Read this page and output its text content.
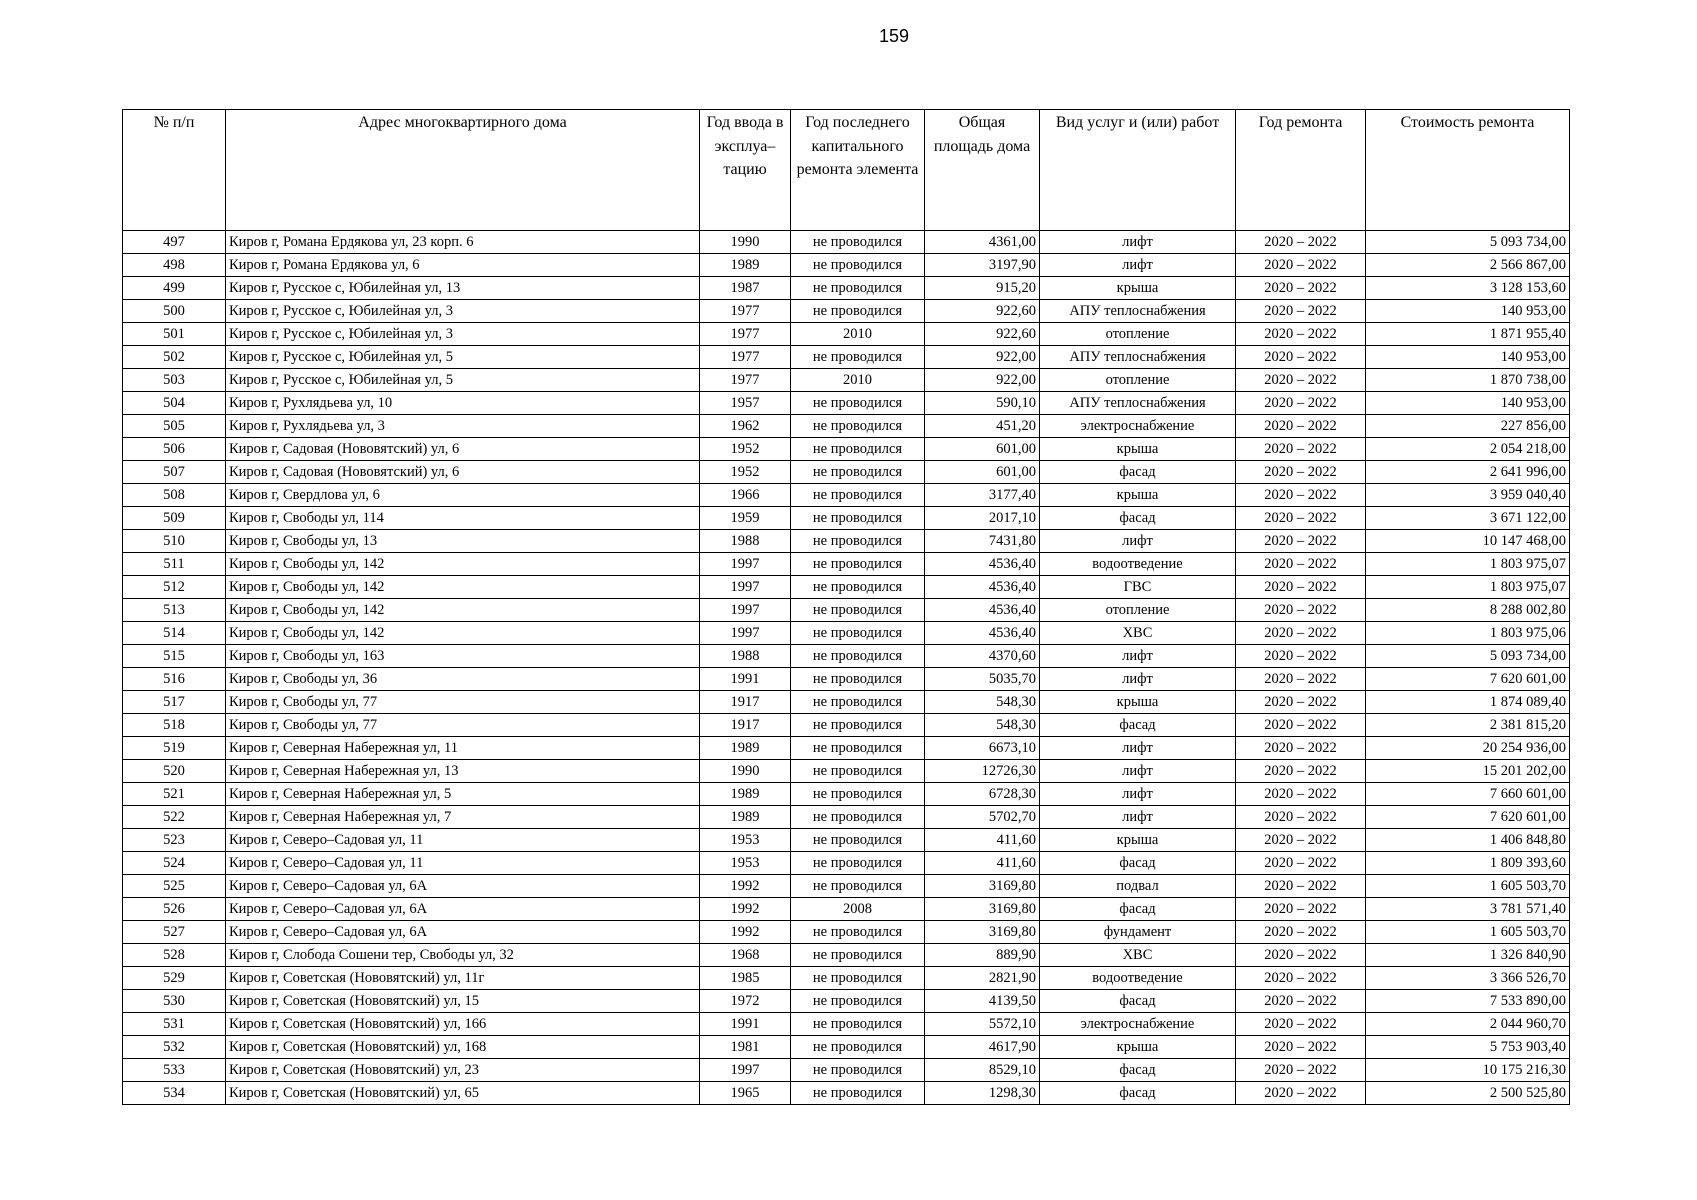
159
№ п/п	Адрес многоквартирного дома	Год ввода в эксплуа– тацию	Год последнего капитального ремонта элемента	Общая площадь дома	Вид услуг и (или) работ	Год ремонта	Стоимость ремонта
497	Киров г, Романа Ердякова ул, 23 корп. 6	1990	не проводился	4361,00	лифт	2020 – 2022	5 093 734,00
498	Киров г, Романа Ердякова ул, 6	1989	не проводился	3197,90	лифт	2020 – 2022	2 566 867,00
499	Киров г, Русское с, Юбилейная ул, 13	1987	не проводился	915,20	крыша	2020 – 2022	3 128 153,60
500	Киров г, Русское с, Юбилейная ул, 3	1977	не проводился	922,60	АПУ теплоснабжения	2020 – 2022	140 953,00
501	Киров г, Русское с, Юбилейная ул, 3	1977	2010	922,60	отопление	2020 – 2022	1 871 955,40
502	Киров г, Русское с, Юбилейная ул, 5	1977	не проводился	922,00	АПУ теплоснабжения	2020 – 2022	140 953,00
503	Киров г, Русское с, Юбилейная ул, 5	1977	2010	922,00	отопление	2020 – 2022	1 870 738,00
504	Киров г, Рухлядьева ул, 10	1957	не проводился	590,10	АПУ теплоснабжения	2020 – 2022	140 953,00
505	Киров г, Рухлядьева ул, 3	1962	не проводился	451,20	электроснабжение	2020 – 2022	227 856,00
506	Киров г, Садовая (Нововятский) ул, 6	1952	не проводился	601,00	крыша	2020 – 2022	2 054 218,00
507	Киров г, Садовая (Нововятский) ул, 6	1952	не проводился	601,00	фасад	2020 – 2022	2 641 996,00
508	Киров г, Свердлова ул, 6	1966	не проводился	3177,40	крыша	2020 – 2022	3 959 040,40
509	Киров г, Свободы ул, 114	1959	не проводился	2017,10	фасад	2020 – 2022	3 671 122,00
510	Киров г, Свободы ул, 13	1988	не проводился	7431,80	лифт	2020 – 2022	10 147 468,00
511	Киров г, Свободы ул, 142	1997	не проводился	4536,40	водоотведение	2020 – 2022	1 803 975,07
512	Киров г, Свободы ул, 142	1997	не проводился	4536,40	ГВС	2020 – 2022	1 803 975,07
513	Киров г, Свободы ул, 142	1997	не проводился	4536,40	отопление	2020 – 2022	8 288 002,80
514	Киров г, Свободы ул, 142	1997	не проводился	4536,40	ХВС	2020 – 2022	1 803 975,06
515	Киров г, Свободы ул, 163	1988	не проводился	4370,60	лифт	2020 – 2022	5 093 734,00
516	Киров г, Свободы ул, 36	1991	не проводился	5035,70	лифт	2020 – 2022	7 620 601,00
517	Киров г, Свободы ул, 77	1917	не проводился	548,30	крыша	2020 – 2022	1 874 089,40
518	Киров г, Свободы ул, 77	1917	не проводился	548,30	фасад	2020 – 2022	2 381 815,20
519	Киров г, Северная Набережная ул, 11	1989	не проводился	6673,10	лифт	2020 – 2022	20 254 936,00
520	Киров г, Северная Набережная ул, 13	1990	не проводился	12726,30	лифт	2020 – 2022	15 201 202,00
521	Киров г, Северная Набережная ул, 5	1989	не проводился	6728,30	лифт	2020 – 2022	7 660 601,00
522	Киров г, Северная Набережная ул, 7	1989	не проводился	5702,70	лифт	2020 – 2022	7 620 601,00
523	Киров г, Северо–Садовая ул, 11	1953	не проводился	411,60	крыша	2020 – 2022	1 406 848,80
524	Киров г, Северо–Садовая ул, 11	1953	не проводился	411,60	фасад	2020 – 2022	1 809 393,60
525	Киров г, Северо–Садовая ул, 6А	1992	не проводился	3169,80	подвал	2020 – 2022	1 605 503,70
526	Киров г, Северо–Садовая ул, 6А	1992	2008	3169,80	фасад	2020 – 2022	3 781 571,40
527	Киров г, Северо–Садовая ул, 6А	1992	не проводился	3169,80	фундамент	2020 – 2022	1 605 503,70
528	Киров г, Слобода Сошени тер, Свободы ул, 32	1968	не проводился	889,90	ХВС	2020 – 2022	1 326 840,90
529	Киров г, Советская (Нововятский) ул, 11г	1985	не проводился	2821,90	водоотведение	2020 – 2022	3 366 526,70
530	Киров г, Советская (Нововятский) ул, 15	1972	не проводился	4139,50	фасад	2020 – 2022	7 533 890,00
531	Киров г, Советская (Нововятский) ул, 166	1991	не проводился	5572,10	электроснабжение	2020 – 2022	2 044 960,70
532	Киров г, Советская (Нововятский) ул, 168	1981	не проводился	4617,90	крыша	2020 – 2022	5 753 903,40
533	Киров г, Советская (Нововятский) ул, 23	1997	не проводился	8529,10	фасад	2020 – 2022	10 175 216,30
534	Киров г, Советская (Нововятский) ул, 65	1965	не проводился	1298,30	фасад	2020 – 2022	2 500 525,80
